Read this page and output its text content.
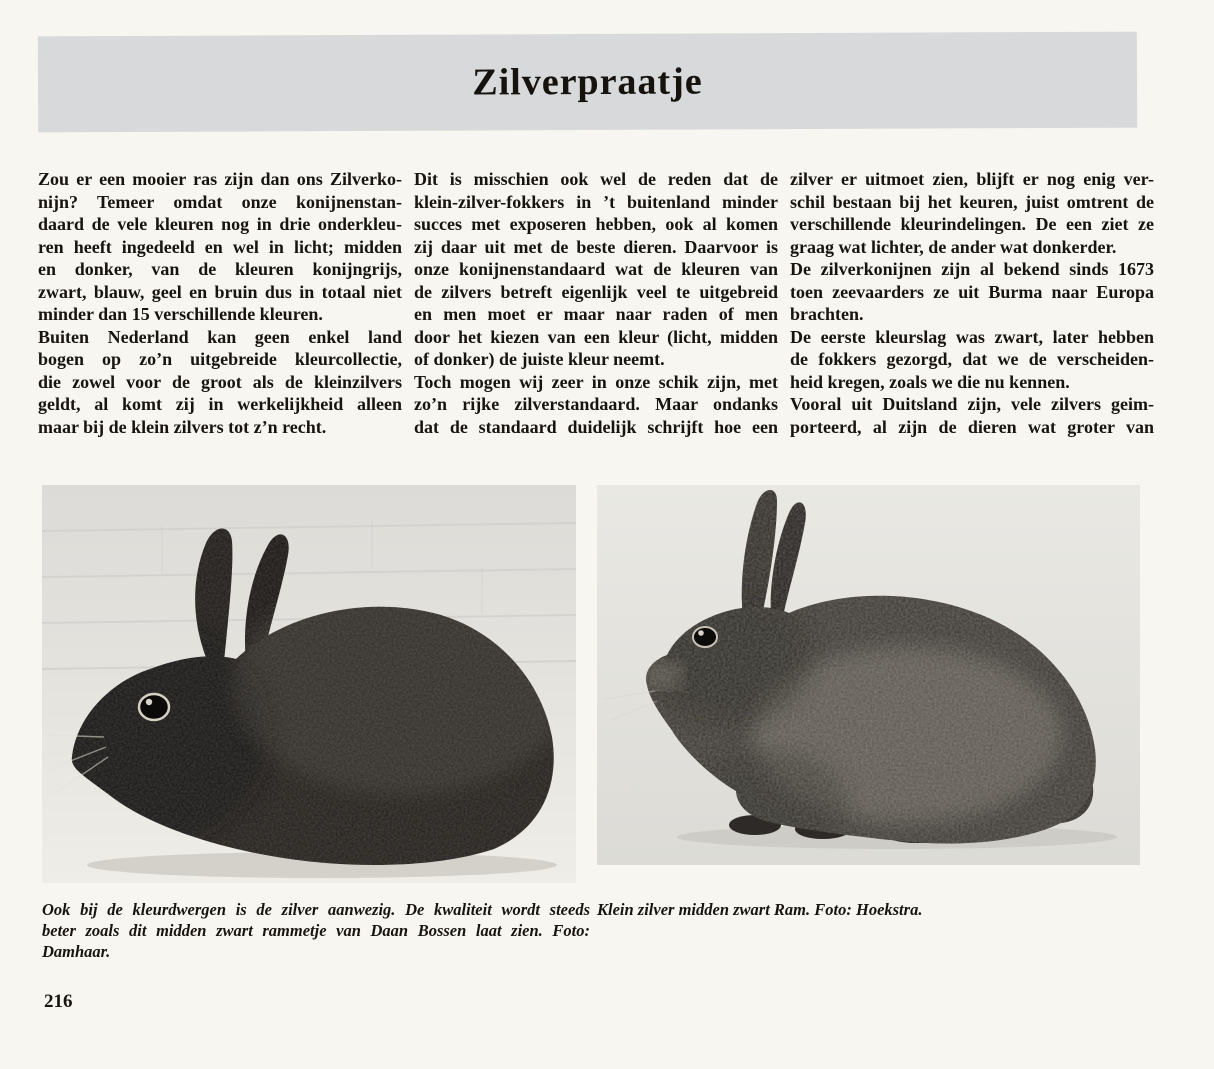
Zilverpraatje
Zou er een mooier ras zijn dan ons Zilverko-
nijn? Temeer omdat onze konijnenstan-
daard de vele kleuren nog in drie onderkleu-
ren heeft ingedeeld en wel in licht; midden
en donker, van de kleuren konijngrijs,
zwart, blauw, geel en bruin dus in totaal niet
minder dan 15 verschillende kleuren.
Buiten Nederland kan geen enkel land
bogen op zo’n uitgebreide kleurcollectie,
die zowel voor de groot als de kleinzilvers
geldt, al komt zij in werkelijkheid alleen
maar bij de klein zilvers tot z’n recht.
Dit is misschien ook wel de reden dat de
klein-zilver-fokkers in ’t buitenland minder
succes met exposeren hebben, ook al komen
zij daar uit met de beste dieren. Daarvoor is
onze konijnenstandaard wat de kleuren van
de zilvers betreft eigenlijk veel te uitgebreid
en men moet er maar naar raden of men
door het kiezen van een kleur (licht, midden
of donker) de juiste kleur neemt.
Toch mogen wij zeer in onze schik zijn, met
zo’n rijke zilverstandaard. Maar ondanks
dat de standaard duidelijk schrijft hoe een
zilver er uitmoet zien, blijft er nog enig ver-
schil bestaan bij het keuren, juist omtrent de
verschillende kleurindelingen. De een ziet ze
graag wat lichter, de ander wat donkerder.
De zilverkonijnen zijn al bekend sinds 1673
toen zeevaarders ze uit Burma naar Europa
brachten.
De eerste kleurslag was zwart, later hebben
de fokkers gezorgd, dat we de verscheiden-
heid kregen, zoals we die nu kennen.
Vooral uit Duitsland zijn, vele zilvers geim-
porteerd, al zijn de dieren wat groter van
Ook bij de kleurdwergen is de zilver aanwezig. De kwaliteit wordt steeds
beter zoals dit midden zwart rammetje van Daan Bossen laat zien. Foto:
Damhaar.
Klein zilver midden zwart Ram. Foto: Hoekstra.
216
